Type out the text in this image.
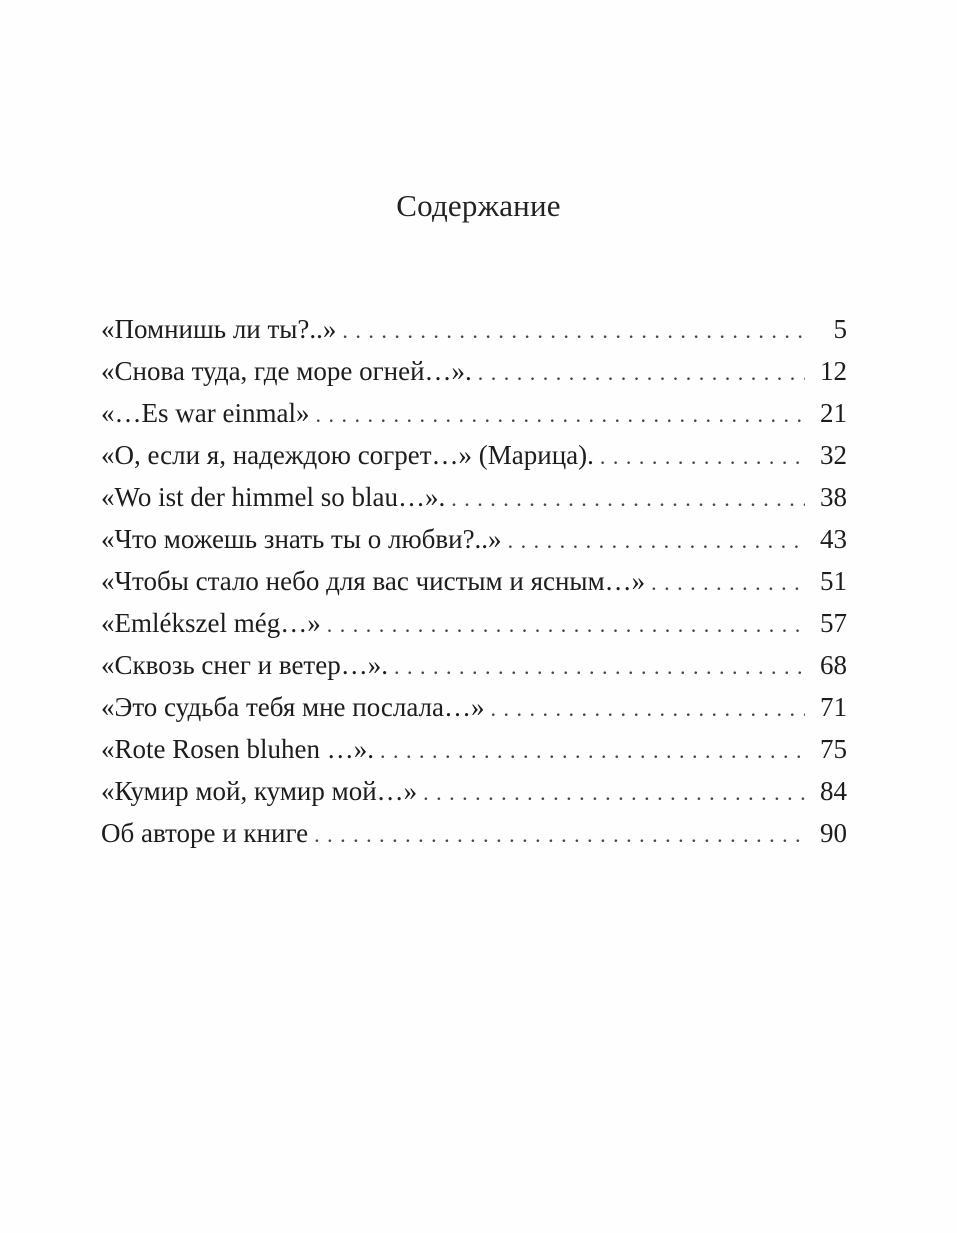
Содержание
«Помнишь ли ты?..» . . .	5
«Снова туда, где море огней…». . . .	12
«…Es war einmal» . . .	21
«О, если я, надеждою согрет…» (Марица). . . .	32
«Wo ist der himmel so blau…». . . .	38
«Что можешь знать ты о любви?..» . . .	43
«Чтобы стало небо для вас чистым и ясным…» . . .	51
«Emlékszel még…» . . .	57
«Сквозь снег и ветер…». . . .	68
«Это судьба тебя мне послала…» . . .	71
«Rote Rosen bluhen …». . . .	75
«Кумир мой, кумир мой…» . . .	84
Об авторе и книге . . .	90
